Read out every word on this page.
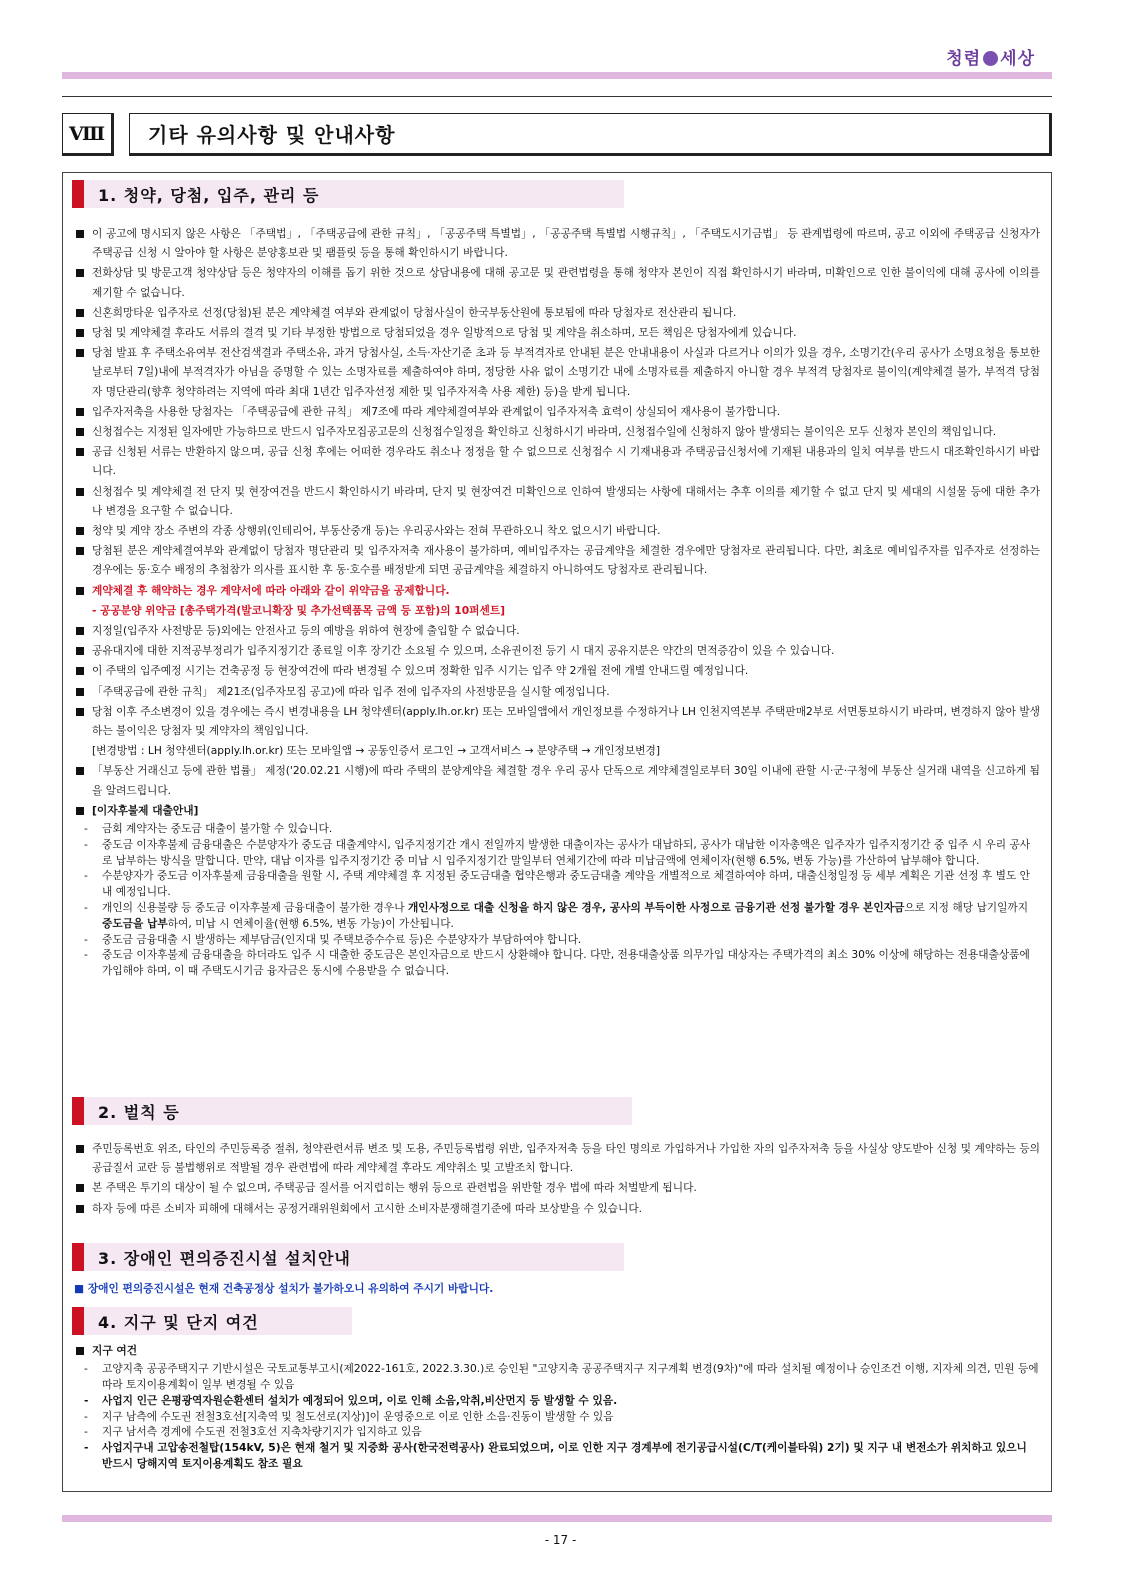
청렴 세상
Ⅷ	기타 유의사항 및 안내사항
1. 청약, 당첨, 입주, 관리 등
이 공고에 명시되지 않은 사항은 「주택법」, 「주택공급에 관한 규칙」, 「공공주택 특별법」, 「공공주택 특별법 시행규칙」, 「주택도시기금법」 등 관계법령에 따르며, 공고 이외에 주택공급 신청자가 주택공급 신청 시 알아야 할 사항은 분양홍보관 및 팸플릿 등을 통해 확인하시기 바랍니다.
전화상담 및 방문고객 청약상담 등은 청약자의 이해를 돕기 위한 것으로 상담내용에 대해 공고문 및 관련법령을 통해 청약자 본인이 직접 확인하시기 바라며, 미확인으로 인한 불이익에 대해 공사에 이의를 제기할 수 없습니다.
신혼희망타운 입주자로 선정(당첨)된 분은 계약체결 여부와 관계없이 당첨사실이 한국부동산원에 통보됨에 따라 당첨자로 전산관리 됩니다.
당첨 및 계약체결 후라도 서류의 결격 및 기타 부정한 방법으로 당첨되었을 경우 일방적으로 당첨 및 계약을 취소하며, 모든 책임은 당첨자에게 있습니다.
당첨 발표 후 주택소유여부 전산검색결과 주택소유, 과거 당첨사실, 소득·자산기준 초과 등 부적격자로 안내된 분은 안내내용이 사실과 다르거나 이의가 있을 경우, 소명기간(우리 공사가 소명요청을 통보한 날로부터 7일)내에 부적격자가 아님을 증명할 수 있는 소명자료를 제출하여야 하며, 정당한 사유 없이 소명기간 내에 소명자료를 제출하지 아니할 경우 부적격 당첨자로 불이익(계약체결 불가, 부적격 당첨자 명단관리(향후 청약하려는 지역에 따라 최대 1년간 입주자선정 제한 및 입주자저축 사용 제한) 등)을 받게 됩니다.
입주자저축을 사용한 당첨자는 「주택공급에 관한 규칙」 제7조에 따라 계약체결여부와 관계없이 입주자저축 효력이 상실되어 재사용이 불가합니다.
신청접수는 지정된 일자에만 가능하므로 반드시 입주자모집공고문의 신청접수일정을 확인하고 신청하시기 바라며, 신청접수일에 신청하지 않아 발생되는 불이익은 모두 신청자 본인의 책임입니다.
공급 신청된 서류는 반환하지 않으며, 공급 신청 후에는 어떠한 경우라도 취소나 정정을 할 수 없으므로 신청접수 시 기재내용과 주택공급신청서에 기재된 내용과의 일치 여부를 반드시 대조확인하시기 바랍니다.
신청접수 및 계약체결 전 단지 및 현장여건을 반드시 확인하시기 바라며, 단지 및 현장여건 미확인으로 인하여 발생되는 사항에 대해서는 추후 이의를 제기할 수 없고 단지 및 세대의 시설물 등에 대한 추가나 변경을 요구할 수 없습니다.
청약 및 계약 장소 주변의 각종 상행위(인테리어, 부동산중개 등)는 우리공사와는 전혀 무관하오니 착오 없으시기 바랍니다.
당첨된 분은 계약체결여부와 관계없이 당첨자 명단관리 및 입주자저축 재사용이 불가하며, 예비입주자는 공급계약을 체결한 경우에만 당첨자로 관리됩니다. 다만, 최초로 예비입주자를 입주자로 선정하는 경우에는 동·호수 배정의 추첨참가 의사를 표시한 후 동·호수를 배정받게 되면 공급계약을 체결하지 아니하여도 당첨자로 관리됩니다.
계약체결 후 해약하는 경우 계약서에 따라 아래와 같이 위약금을 공제합니다.
- 공공분양 위약금 [총주택가격(발코니확장 및 추가선택품목 금액 등 포함)의 10퍼센트]
지정일(입주자 사전방문 등)외에는 안전사고 등의 예방을 위하여 현장에 출입할 수 없습니다.
공유대지에 대한 지적공부정리가 입주지정기간 종료일 이후 장기간 소요될 수 있으며, 소유권이전 등기 시 대지 공유지분은 약간의 면적증감이 있을 수 있습니다.
이 주택의 입주예정 시기는 건축공정 등 현장여건에 따라 변경될 수 있으며 정확한 입주 시기는 입주 약 2개월 전에 개별 안내드릴 예정입니다.
「주택공급에 관한 규칙」 제21조(입주자모집 공고)에 따라 입주 전에 입주자의 사전방문을 실시할 예정입니다.
당첨 이후 주소변경이 있을 경우에는 즉시 변경내용을 LH 청약센터(apply.lh.or.kr) 또는 모바일앱에서 개인정보를 수정하거나 LH 인천지역본부 주택판매2부로 서면통보하시기 바라며, 변경하지 않아 발생하는 불이익은 당첨자 및 계약자의 책임입니다.
[변경방법 : LH 청약센터(apply.lh.or.kr) 또는 모바일앱 → 공동인증서 로그인 → 고객서비스 → 분양주택 → 개인정보변경]
「부동산 거래신고 등에 관한 법률」 제정('20.02.21 시행)에 따라 주택의 분양계약을 체결할 경우 우리 공사 단독으로 계약체결일로부터 30일 이내에 관할 시·군·구청에 부동산 실거래 내역을 신고하게 됨을 알려드립니다.
[이자후불제 대출안내]
- 금회 계약자는 중도금 대출이 불가할 수 있습니다.
- 중도금 이자후불제 금융대출은 수분양자가 중도금 대출계약시, 입주지정기간 개시 전일까지 발생한 대출이자는 공사가 대납하되, 공사가 대납한 이자총액은 입주자가 입주지정기간 중 입주 시 우리 공사로 납부하는 방식을 말합니다. 만약, 대납 이자를 입주지정기간 중 미납 시 입주지정기간 말일부터 연체기간에 따라 미납금액에 연체이자(현행 6.5%, 변동 가능)를 가산하여 납부해야 합니다.
- 수분양자가 중도금 이자후불제 금융대출을 원할 시, 주택 계약체결 후 지정된 중도금대출 협약은행과 중도금대출 계약을 개별적으로 체결하여야 하며, 대출신청일정 등 세부 계획은 기관 선정 후 별도 안내 예정입니다.
- 개인의 신용불량 등 중도금 이자후불제 금융대출이 불가한 경우나 개인사정으로 대출 신청을 하지 않은 경우, 공사의 부득이한 사정으로 금융기관 선정 불가할 경우 본인자금으로 지정 해당 납기일까지 중도금을 납부하여, 미납 시 연체이율(현행 6.5%, 변동 가능)이 가산됩니다.
- 중도금 금융대출 시 발생하는 제부담금(인지대 및 주택보증수수료 등)은 수분양자가 부담하여야 합니다.
- 중도금 이자후불제 금융대출을 하더라도 입주 시 대출한 중도금은 본인자금으로 반드시 상환해야 합니다. 다만, 전용대출상품 의무가입 대상자는 주택가격의 최소 30% 이상에 해당하는 전용대출상품에 가입해야 하며, 이 때 주택도시기금 융자금은 동시에 수용받을 수 없습니다.
2. 벌칙 등
주민등록번호 위조, 타인의 주민등록증 절취, 청약관련서류 변조 및 도용, 주민등록법령 위반, 입주자저축 등을 타인 명의로 가입하거나 가입한 자의 입주자저축 등을 사실상 양도받아 신청 및 계약하는 등의 공급질서 교란 등 불법행위로 적발될 경우 관련법에 따라 계약체결 후라도 계약취소 및 고발조치 합니다.
본 주택은 투기의 대상이 될 수 없으며, 주택공급 질서를 어지럽히는 행위 등으로 관련법을 위반할 경우 법에 따라 처벌받게 됩니다.
하자 등에 따른 소비자 피해에 대해서는 공정거래위원회에서 고시한 소비자분쟁해결기준에 따라 보상받을 수 있습니다.
3. 장애인 편의증진시설 설치안내
■ 장애인 편의증진시설은 현재 건축공정상 설치가 불가하오니 유의하여 주시기 바랍니다.
4. 지구 및 단지 여건
지구 여건
- 고양지축 공공주택지구 기반시설은 국토교통부고시(제2022-161호, 2022.3.30.)로 승인된 "고양지축 공공주택지구 지구계획 변경(9차)"에 따라 설치될 예정이나 승인조건 이행, 지자체 의견, 민원 등에 따라 토지이용계획이 일부 변경될 수 있음
- 사업지 인근 은평광역자원순환센터 설치가 예정되어 있으며, 이로 인해 소음,악취,비산먼지 등 발생할 수 있음.
- 지구 남측에 수도권 전철3호선[지축역 및 철도선로(지상)]이 운영중으로 이로 인한 소음·진동이 발생할 수 있음
- 지구 남서측 경계에 수도권 전철3호선 지축차량기지가 입지하고 있음
- 사업지구내 고압송전철탑(154kV, 5)은 현재 철거 및 지중화 공사(한국전력공사) 완료되었으며, 이로 인한 지구 경계부에 전기공급시설(C/T(케이블타워) 2기) 및 지구 내 변전소가 위치하고 있으니 반드시 당해지역 토지이용계획도 참조 필요
- 17 -
